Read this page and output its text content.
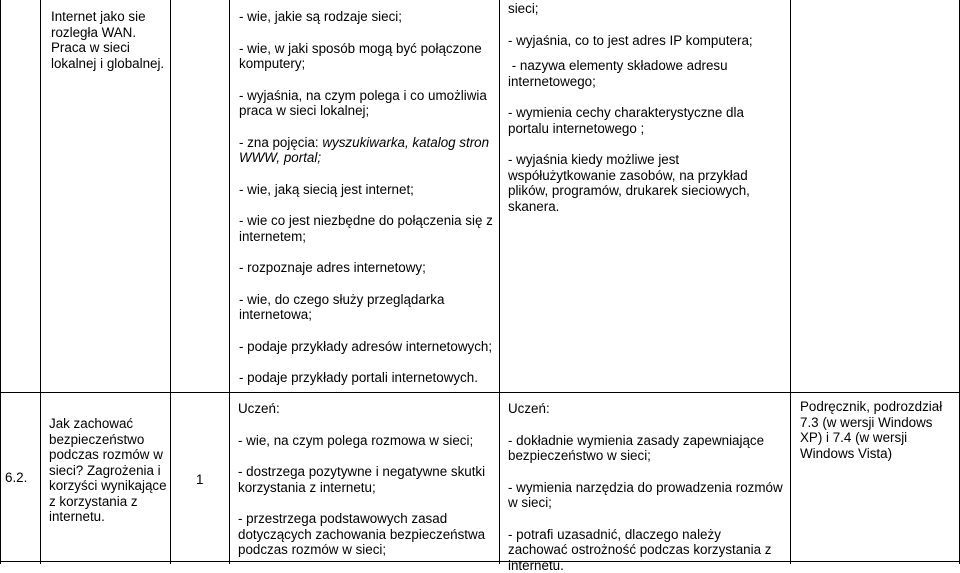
Internet jako sie rozległa WAN. Praca w sieci lokalnej i globalnej.

- wie, jakie są rodzaje sieci;

- wie, w jaki sposób mogą być połączone komputery;

- wyjaśnia, na czym polega i co umożliwia praca w sieci lokalnej;

- zna pojęcia: wyszukiwarka, katalog stron WWW, portal;

- wie, jaką siecią jest internet;

- wie co jest niezbędne do połączenia się z internetem;

- rozpoznaje adres internetowy;

- wie, do czego służy przeglądarka internetowa;

- podaje przykłady adresów internetowych;

- podaje przykłady portali internetowych.

sieci;

- wyjaśnia, co to jest adres IP komputera;

- nazywa elementy składowe adresu internetowego;

- wymienia cechy charakterystyczne dla portalu internetowego ;

- wyjaśnia kiedy możliwe jest współużytkowanie zasobów, na przykład plików, programów, drukarek sieciowych, skanera.

6.2.

Jak zachować bezpieczeństwo podczas rozmów w sieci? Zagrożenia i korzyści wynikające z korzystania z internetu.

1

Uczeń:

- wie, na czym polega rozmowa w sieci;

- dostrzega pozytywne i negatywne skutki korzystania z internetu;

- przestrzega podstawowych zasad dotyczących zachowania bezpieczeństwa podczas rozmów w sieci;

Uczeń:

- dokładnie wymienia zasady zapewniające bezpieczeństwo w sieci;

- wymienia narzędzia do prowadzenia rozmów w sieci;

- potrafi uzasadnić, dlaczego należy zachować ostrożność podczas korzystania z internetu.

Podręcznik, podrozdział 7.3 (w wersji Windows XP) i 7.4 (w wersji Windows Vista)
